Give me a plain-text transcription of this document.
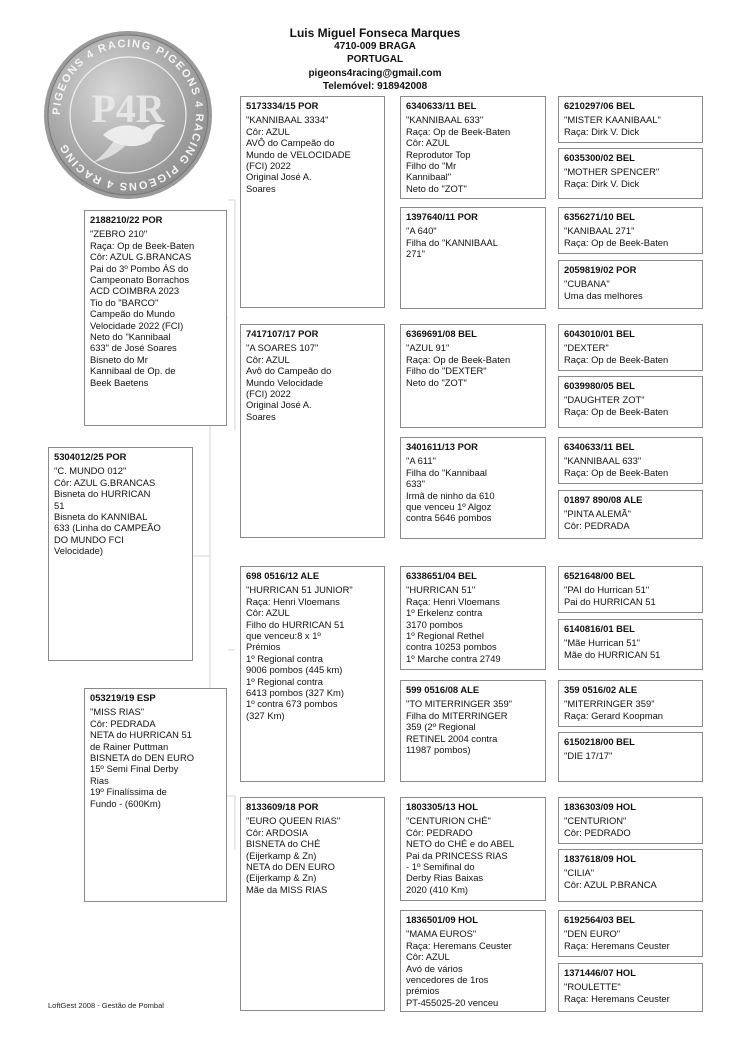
Luis Miguel Fonseca Marques
4710-009 BRAGA
PORTUGAL
pigeons4racing@gmail.com
Telemóvel: 918942008
PIGEONS 4 RACING PIGEONS 4 RACING PIGEONS 4 RACING
P4R
5304012/25 POR
"C. MUNDO 012"
Côr: AZUL G.BRANCAS
Bisneta do HURRICAN
51
Bisneta do KANNIBAL
633 (Linha do CAMPEÃO
DO MUNDO FCI
Velocidade)
2188210/22 POR
"ZEBRO 210"
Raça: Op de Beek-Baten
Côr: AZUL G.BRANCAS
Pai do 3º Pombo ÁS do
Campeonato Borrachos
ACD COIMBRA 2023
Tio do "BARCO"
Campeão do Mundo
Velocidade 2022 (FCI)
Neto do "Kannibaal
633" de José Soares
Bisneto do Mr
Kannibaal de Op. de
Beek Baetens
053219/19 ESP
"MISS RIAS"
Côr: PEDRADA
NETA do HURRICAN 51
de Rainer Puttman
BISNETA do DEN EURO
15º Semi Final Derby
Rias
19º Finalíssima de
Fundo - (600Km)
5173334/15 POR
"KANNIBAAL 3334"
Côr: AZUL
AVÔ do Campeão do
Mundo de VELOCIDADE
(FCI) 2022
Original José A.
Soares
7417107/17 POR
"A SOARES 107"
Côr: AZUL
Avô do Campeão do
Mundo Velocidade
(FCI) 2022
Original José A.
Soares
698 0516/12 ALE
"HURRICAN 51 JUNIOR"
Raça: Henri Vloemans
Côr: AZUL
Filho do HURRICAN 51
que venceu:8 x 1º
Prémios
1º Regional contra
9006 pombos (445 km)
1º Regional contra
6413 pombos (327 Km)
1º contra 673 pombos
(327 Km)
8133609/18 POR
"EURO QUEEN RIAS"
Côr: ARDOSIA
BISNETA do CHÉ
(Eijerkamp & Zn)
NETA do DEN EURO
(Eijerkamp & Zn)
Mãe da MISS RIAS
6340633/11 BEL
"KANNIBAAL 633"
Raça: Op de Beek-Baten
Côr: AZUL
Reprodutor Top
Filho do "Mr
Kannibaal"
Neto do "ZOT"
1397640/11 POR
"A 640"
Filha do "KANNIBAAL
271"
6369691/08 BEL
"AZUL 91"
Raça: Op de Beek-Baten
Filho do "DEXTER"
Neto do "ZOT"
3401611/13 POR
"A 611"
Filha do "Kannibaal
633"
Irmã de ninho da 610
que venceu 1º Algoz
contra 5646 pombos
6338651/04 BEL
"HURRICAN 51"
Raça: Henri Vloemans
1º Erkelenz contra
3170 pombos
1º Regional Rethel
contra 10253 pombos
1º Marche contra 2749
599 0516/08 ALE
"TO MITERRINGER 359"
Filha do MITERRINGER
359 (2º Regional
RETINEL 2004 contra
11987 pombos)
1803305/13 HOL
"CENTURION CHÉ"
Côr: PEDRADO
NETO do CHÉ e do ABEL
Pai da PRINCESS RIAS
- 1º Semifinal do
Derby Rias Baixas
2020 (410 Km)
1836501/09 HOL
"MAMA EUROS"
Raça: Heremans Ceuster
Côr: AZUL
Avó de vários
vencedores de 1ros
prémios
PT-455025-20 venceu
6210297/06 BEL
"MISTER KAANIBAAL"
Raça: Dirk V. Dick
6035300/02 BEL
"MOTHER SPENCER"
Raça: Dirk V. Dick
6356271/10 BEL
"KANIBAAL 271"
Raça: Op de Beek-Baten
2059819/02 POR
"CUBANA"
Uma das melhores
6043010/01 BEL
"DEXTER"
Raça: Op de Beek-Baten
6039980/05 BEL
"DAUGHTER ZOT"
Raça: Op de Beek-Baten
6340633/11 BEL
"KANNIBAAL 633"
Raça: Op de Beek-Baten
01897 890/08 ALE
"PINTA ALEMÃ"
Côr: PEDRADA
6521648/00 BEL
"PAI do Hurrican 51"
Pai do HURRICAN 51
6140816/01 BEL
"Mãe Hurrican 51"
Mãe do HURRICAN 51
359 0516/02 ALE
"MITERRINGER 359"
Raça: Gerard Koopman
6150218/00 BEL
"DIE 17/17"
1836303/09 HOL
"CENTURION"
Côr: PEDRADO
1837618/09 HOL
"CILIA"
Côr: AZUL P.BRANCA
6192564/03 BEL
"DEN EURO"
Raça: Heremans Ceuster
1371446/07 HOL
"ROULETTE"
Raça: Heremans Ceuster
LoftGest 2008 - Gestão de Pombal
